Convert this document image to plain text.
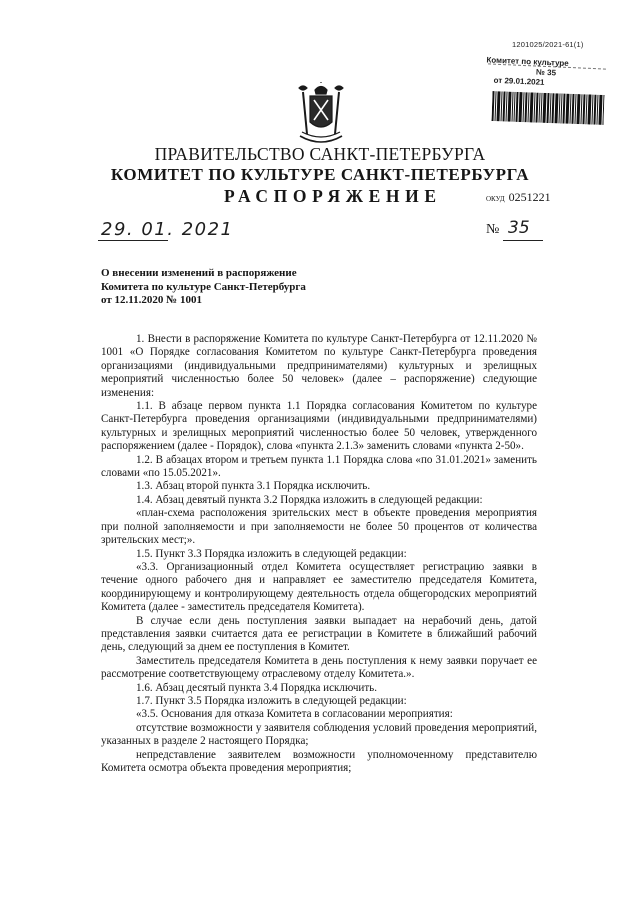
1201025/2021-61(1)
Комитет по культуре
№ 35
от 29.01.2021
ПРАВИТЕЛЬСТВО САНКТ-ПЕТЕРБУРГА
КОМИТЕТ ПО КУЛЬТУРЕ САНКТ-ПЕТЕРБУРГА
РАСПОРЯЖЕНИЕ	ОКУД 0251221
29. 01. 2021	№ 35
О внесении изменений в распоряжение
Комитета по культуре Санкт-Петербурга
от 12.11.2020 № 1001

1. Внести в распоряжение Комитета по культуре Санкт-Петербурга от 12.11.2020 № 1001 «О Порядке согласования Комитетом по культуре Санкт-Петербурга проведения организациями (индивидуальными предпринимателями) культурных и зрелищных мероприятий численностью более 50 человек» (далее – распоряжение) следующие изменения:

1.1. В абзаце первом пункта 1.1 Порядка согласования Комитетом по культуре Санкт-Петербурга проведения организациями (индивидуальными предпринимателями) культурных и зрелищных мероприятий численностью более 50 человек, утвержденного распоряжением (далее - Порядок), слова «пункта 2.1.3» заменить словами «пункта 2-50».

1.2. В абзацах втором и третьем пункта 1.1 Порядка слова «по 31.01.2021» заменить словами «по 15.05.2021».

1.3. Абзац второй пункта 3.1 Порядка исключить.

1.4. Абзац девятый пункта 3.2 Порядка изложить в следующей редакции:

«план-схема расположения зрительских мест в объекте проведения мероприятия при полной заполняемости и при заполняемости не более 50 процентов от количества зрительских мест;».

1.5. Пункт 3.3 Порядка изложить в следующей редакции:

«3.3. Организационный отдел Комитета осуществляет регистрацию заявки в течение одного рабочего дня и направляет ее заместителю председателя Комитета, координирующему и контролирующему деятельность отдела общегородских мероприятий Комитета (далее - заместитель председателя Комитета).

В случае если день поступления заявки выпадает на нерабочий день, датой представления заявки считается дата ее регистрации в Комитете в ближайший рабочий день, следующий за днем ее поступления в Комитет.

Заместитель председателя Комитета в день поступления к нему заявки поручает ее рассмотрение соответствующему отраслевому отделу Комитета.».

1.6. Абзац десятый пункта 3.4 Порядка исключить.

1.7. Пункт 3.5 Порядка изложить в следующей редакции:

«3.5. Основания для отказа Комитета в согласовании мероприятия:

отсутствие возможности у заявителя соблюдения условий проведения мероприятий, указанных в разделе 2 настоящего Порядка;

непредставление заявителем возможности уполномоченному представителю Комитета осмотра объекта проведения мероприятия;
